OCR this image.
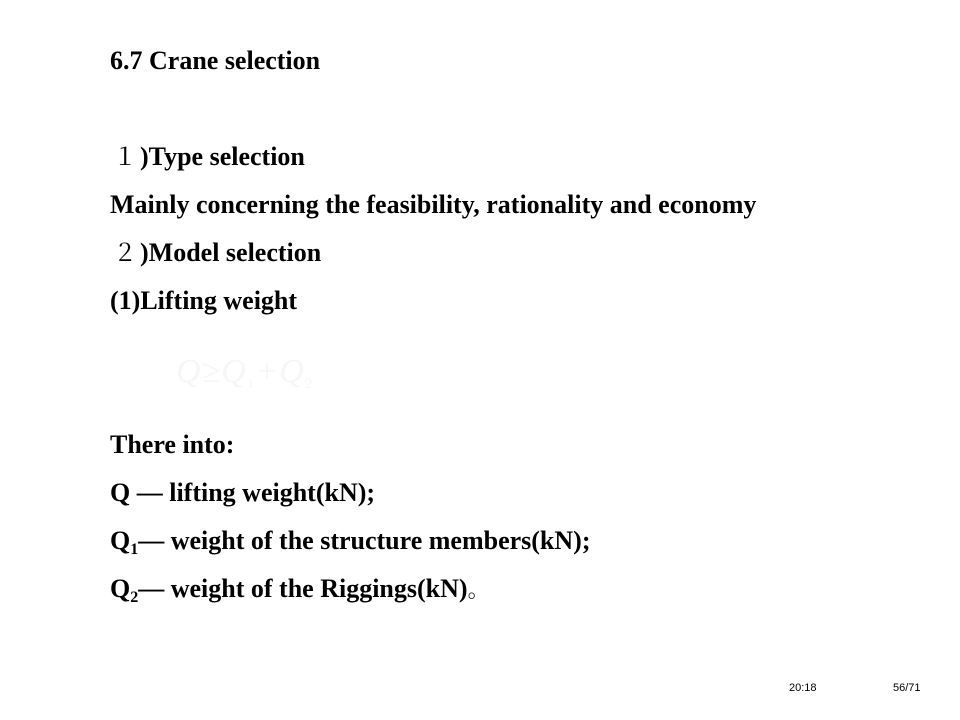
6.7 Crane selection
１ )Type selection
Mainly concerning the feasibility, rationality and economy
２ )Model selection
(1)Lifting weight
Q≥Q1+Q2
There into:
Q — lifting weight(kN);
$Q_1—$ weight of the structure members(kN);
$Q_2—$ weight of the Riggings(kN)。
20:18	56/71
